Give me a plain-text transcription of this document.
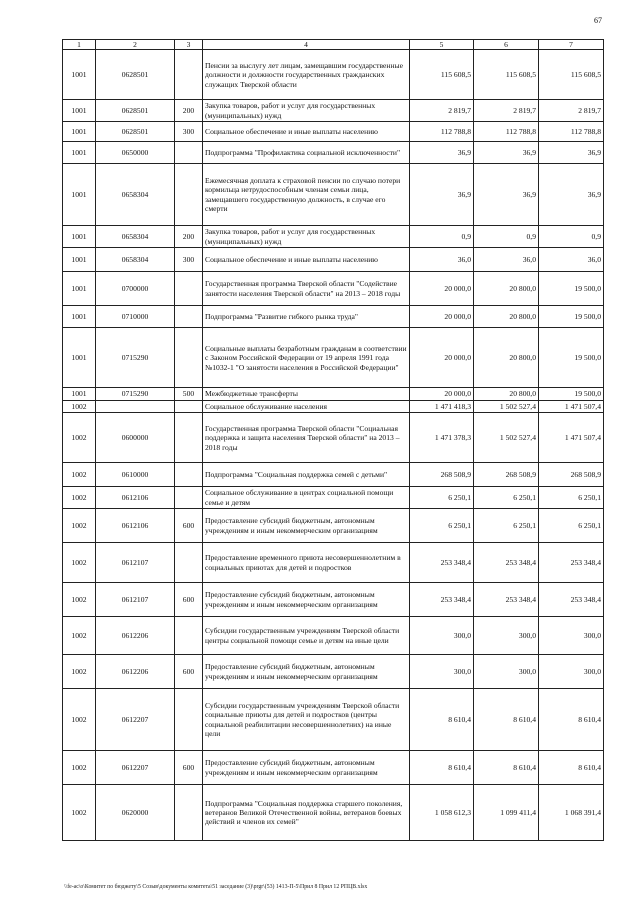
67
1	2	3	4	5	6	7
1001	0628501		Пенсии за выслугу лет лицам, замещавшим государственные должности и должности государственных гражданских служащих Тверской области	115 608,5	115 608,5	115 608,5
1001	0628501	200	Закупка товаров, работ и услуг для государственных (муниципальных) нужд	2 819,7	2 819,7	2 819,7
1001	0628501	300	Социальное обеспечение и иные выплаты населению	112 788,8	112 788,8	112 788,8
1001	0650000		Подпрограмма "Профилактика социальной исключенности"	36,9	36,9	36,9
1001	0658304		Ежемесячная доплата к страховой пенсии по случаю потери кормильца нетрудоспособным членам семьи лица, замещавшего государственную должность, в случае его смерти	36,9	36,9	36,9
1001	0658304	200	Закупка товаров, работ и услуг для государственных (муниципальных) нужд	0,9	0,9	0,9
1001	0658304	300	Социальное обеспечение и иные выплаты населению	36,0	36,0	36,0
1001	0700000		Государственная программа Тверской области "Содействие занятости населения Тверской области" на 2013 – 2018 годы	20 000,0	20 800,0	19 500,0
1001	0710000		Подпрограмма "Развитие гибкого рынка труда"	20 000,0	20 800,0	19 500,0
1001	0715290		Социальные выплаты безработным гражданам в соответствии с Законом Российской Федерации от 19 апреля 1991 года №1032-1 "О занятости населения в Российской Федерации"	20 000,0	20 800,0	19 500,0
1001	0715290	500	Межбюджетные трансферты	20 000,0	20 800,0	19 500,0
1002			Социальное обслуживание населения	1 471 418,3	1 502 527,4	1 471 507,4
1002	0600000		Государственная программа Тверской области "Социальная поддержка и защита населения Тверской области" на 2013 – 2018 годы	1 471 378,3	1 502 527,4	1 471 507,4
1002	0610000		Подпрограмма "Социальная поддержка семей с детьми"	268 508,9	268 508,9	268 508,9
1002	0612106		Социальное обслуживание в центрах социальной помощи семье и детям	6 250,1	6 250,1	6 250,1
1002	0612106	600	Предоставление субсидий бюджетным, автономным учреждениям и иным некоммерческим организациям	6 250,1	6 250,1	6 250,1
1002	0612107		Предоставление временного приюта несовершеннолетним в социальных приютах для детей и подростков	253 348,4	253 348,4	253 348,4
1002	0612107	600	Предоставление субсидий бюджетным, автономным учреждениям и иным некоммерческим организациям	253 348,4	253 348,4	253 348,4
1002	0612206		Субсидии государственным учреждениям Тверской области центры социальной помощи семье и детям на иные цели	300,0	300,0	300,0
1002	0612206	600	Предоставление субсидий бюджетным, автономным учреждениям и иным некоммерческим организациям	300,0	300,0	300,0
1002	0612207		Субсидии государственным учреждениям Тверской области социальные приюты для детей и подростков (центры социальной реабилитации несовершеннолетних) на иные цели	8 610,4	8 610,4	8 610,4
1002	0612207	600	Предоставление субсидий бюджетным, автономным учреждениям и иным некоммерческим организациям	8 610,4	8 610,4	8 610,4
1002	0620000		Подпрограмма "Социальная поддержка старшего поколения, ветеранов Великой Отечественной войны, ветеранов боевых действий и членов их семей"	1 058 612,3	1 099 411,4	1 068 391,4
\\fe-ac\o\Комитет по бюджету\5 Созыв\документы комитета\51 заседание (3)\prgr\(53) 1413-П-5\Прил 8 Прил 12 РПЦВ.xlsx
